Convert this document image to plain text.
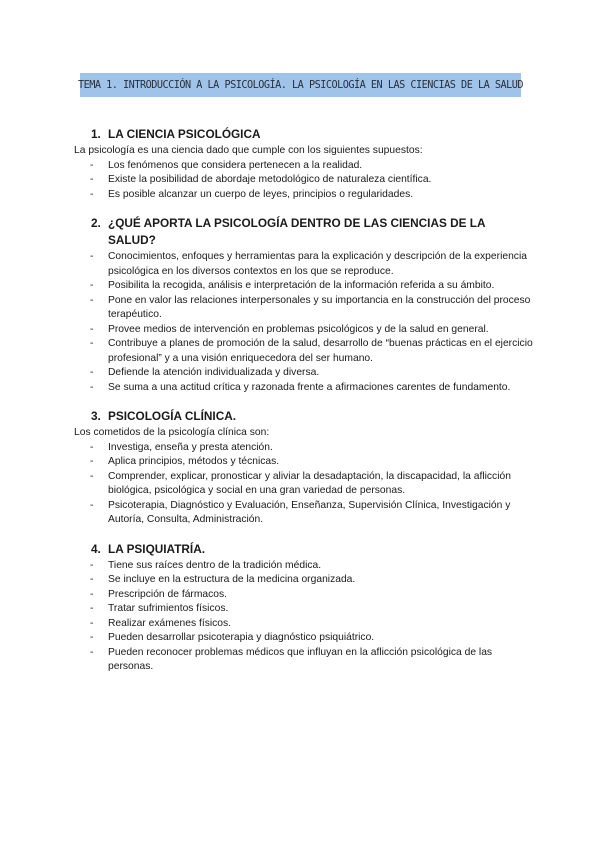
TEMA 1. INTRODUCCIÓN A LA PSICOLOGÍA. LA PSICOLOGÍA EN LAS CIENCIAS DE LA SALUD
1. LA CIENCIA PSICOLÓGICA
La psicología es una ciencia dado que cumple con los siguientes supuestos:
- Los fenómenos que considera pertenecen a la realidad.
- Existe la posibilidad de abordaje metodológico de naturaleza científica.
- Es posible alcanzar un cuerpo de leyes, principios o regularidades.
2. ¿QUÉ APORTA LA PSICOLOGÍA DENTRO DE LAS CIENCIAS DE LA SALUD?
- Conocimientos, enfoques y herramientas para la explicación y descripción de la experiencia psicológica en los diversos contextos en los que se reproduce.
- Posibilita la recogida, análisis e interpretación de la información referida a su ámbito.
- Pone en valor las relaciones interpersonales y su importancia en la construcción del proceso terapéutico.
- Provee medios de intervención en problemas psicológicos y de la salud en general.
- Contribuye a planes de promoción de la salud, desarrollo de “buenas prácticas en el ejercicio profesional” y a una visión enriquecedora del ser humano.
- Defiende la atención individualizada y diversa.
- Se suma a una actitud crítica y razonada frente a afirmaciones carentes de fundamento.
3. PSICOLOGÍA CLÍNICA.
Los cometidos de la psicología clínica son:
- Investiga, enseña y presta atención.
- Aplica principios, métodos y técnicas.
- Comprender, explicar, pronosticar y aliviar la desadaptación, la discapacidad, la aflicción biológica, psicológica y social en una gran variedad de personas.
- Psicoterapia, Diagnóstico y Evaluación, Enseñanza, Supervisión Clínica, Investigación y Autoría, Consulta, Administración.
4. LA PSIQUIATRÍA.
- Tiene sus raíces dentro de la tradición médica.
- Se incluye en la estructura de la medicina organizada.
- Prescripción de fármacos.
- Tratar sufrimientos físicos.
- Realizar exámenes físicos.
- Pueden desarrollar psicoterapia y diagnóstico psiquiátrico.
- Pueden reconocer problemas médicos que influyan en la aflicción psicológica de las personas.
